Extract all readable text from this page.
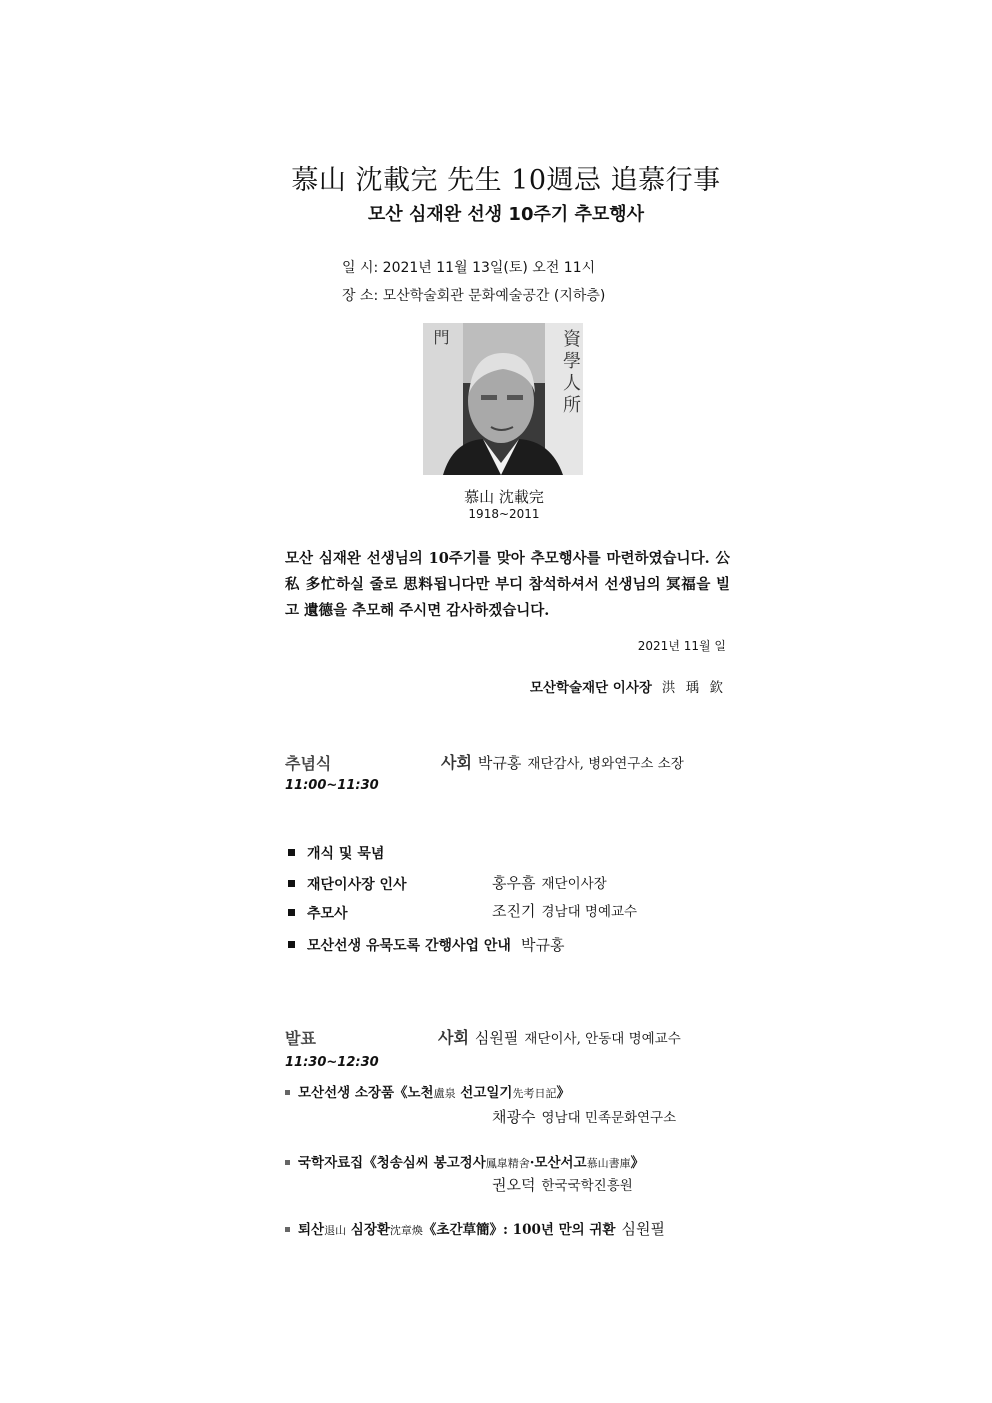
慕山 沈載完 先生 10週忌 追慕行事
모산 심재완 선생 10주기 추모행사
일 시: 2021년 11월 13일(토) 오전 11시
장 소: 모산학술회관 문화예술공간 (지하층)
門	資學人所
慕山 沈載完
1918~2011
모산 심재완 선생님의 10주기를 맞아 추모행사를 마련하였습니다. 公私 多忙하실 줄로 思料됩니다만 부디 참석하셔서 선생님의 冥福을 빌고 遺德을 추모해 주시면 감사하겠습니다.
2021년 11월 일
모산학술재단 이사장 洪 瑀 欽
추념식	사회 박규홍 재단감사, 병와연구소 소장
11:00~11:30
개식 및 묵념
재단이사장 인사	홍우흠 재단이사장
추모사	조진기 경남대 명예교수
모산선생 유묵도록 간행사업 안내 박규홍
발표	사회 심원필 재단이사, 안동대 명예교수
11:30~12:30
모산선생 소장품《노천盧泉 선고일기先考日記》
채광수 영남대 민족문화연구소
국학자료집《청송심씨 봉고정사鳳皐精舍·모산서고慕山書庫》
권오덕 한국국학진흥원
퇴산退山 심장환沈章煥《초간草簡》: 100년 만의 귀환 심원필
